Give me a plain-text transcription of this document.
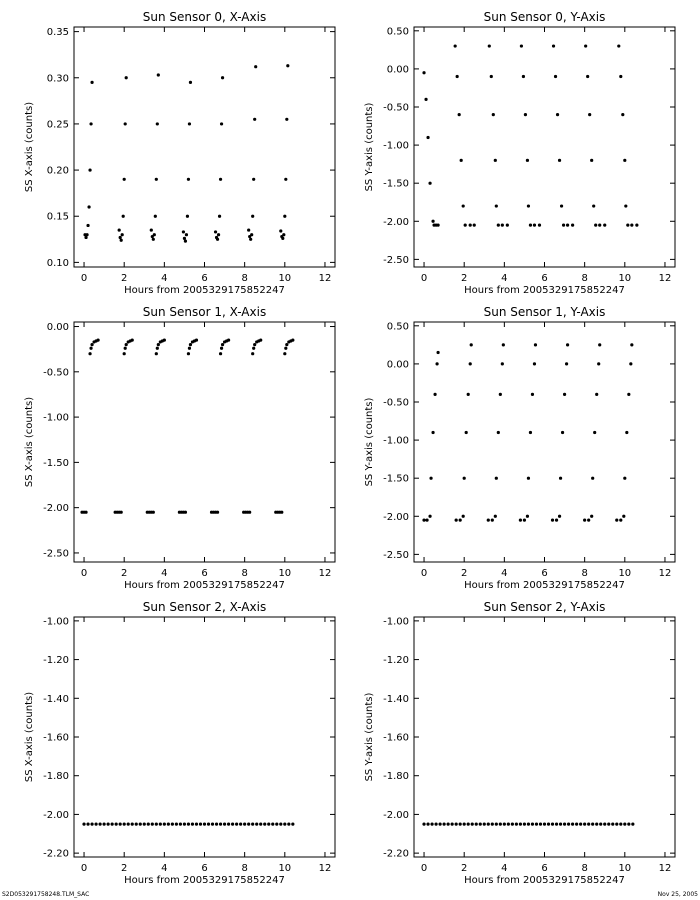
Sun Sensor 0, X-Axis
0	2	4	6	8	10	12
0.10
0.15
0.20
0.25
0.30
0.35
Hours from 2005329175852247
SS X-axis (counts)
Sun Sensor 0, Y-Axis
0	2	4	6	8	10	12
-2.50
-2.00
-1.50
-1.00
-0.50
0.00
0.50
Hours from 2005329175852247
SS Y-axis (counts)
Sun Sensor 1, X-Axis
0	2	4	6	8	10	12
-2.50
-2.00
-1.50
-1.00
-0.50
0.00
Hours from 2005329175852247
SS X-axis (counts)
Sun Sensor 1, Y-Axis
0	2	4	6	8	10	12
-2.50
-2.00
-1.50
-1.00
-0.50
0.00
0.50
Hours from 2005329175852247
SS Y-axis (counts)
Sun Sensor 2, X-Axis
0	2	4	6	8	10	12
-2.20
-2.00
-1.80
-1.60
-1.40
-1.20
-1.00
Hours from 2005329175852247
SS X-axis (counts)
Sun Sensor 2, Y-Axis
0	2	4	6	8	10	12
-2.20
-2.00
-1.80
-1.60
-1.40
-1.20
-1.00
Hours from 2005329175852247
SS Y-axis (counts)
S2D053291758248.TLM_SAC	Nov 25, 2005
